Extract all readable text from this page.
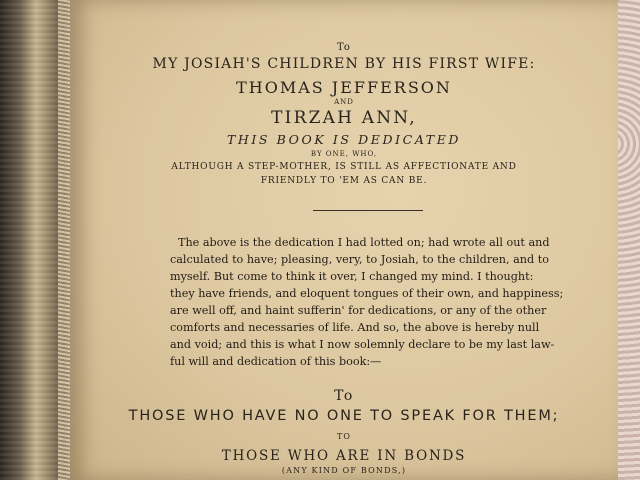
To
MY JOSIAH'S CHILDREN BY HIS FIRST WIFE:
THOMAS JEFFERSON
AND
TIRZAH ANN,
THIS BOOK IS DEDICATED
BY ONE, WHO,
ALTHOUGH A STEP-MOTHER, IS STILL AS AFFECTIONATE AND
FRIENDLY TO 'EM AS CAN BE.
The above is the dedication I had lotted on; had wrote all out and
calculated to have; pleasing, very, to Josiah, to the children, and to
myself. But come to think it over, I changed my mind. I thought:
they have friends, and eloquent tongues of their own, and happiness;
are well off, and haint sufferin' for dedications, or any of the other
comforts and necessaries of life. And so, the above is hereby null
and void; and this is what I now solemnly declare to be my last law-
ful will and dedication of this book:—
To
THOSE WHO HAVE NO ONE TO SPEAK FOR THEM;
TO
THOSE WHO ARE IN BONDS
(ANY KIND OF BONDS,)
